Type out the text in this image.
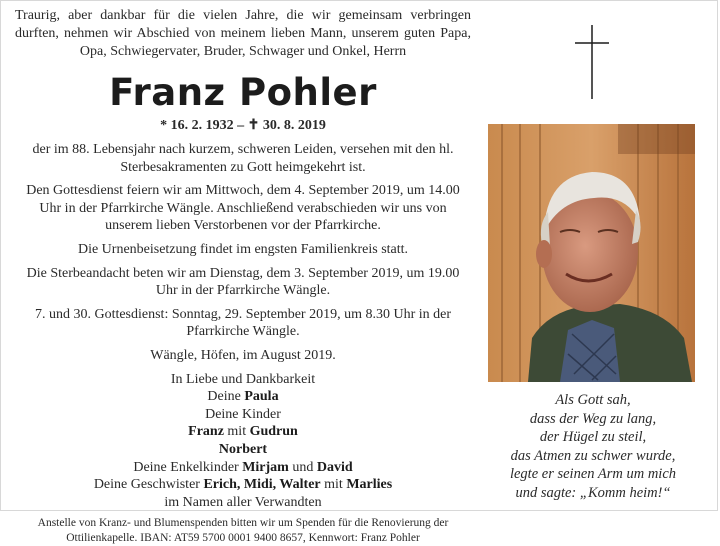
Traurig, aber dankbar für die vielen Jahre, die wir gemeinsam verbringen durften, nehmen wir Abschied von meinem lieben Mann, unserem guten Papa, Opa, Schwiegervater, Bruder, Schwager und Onkel, Herrn

Franz Pohler
* 16. 2. 1932 – ✝ 30. 8. 2019

der im 88. Lebensjahr nach kurzem, schweren Leiden, versehen mit den hl. Sterbesakramenten zu Gott heimgekehrt ist.

Den Gottesdienst feiern wir am Mittwoch, dem 4. September 2019, um 14.00 Uhr in der Pfarrkirche Wängle. Anschließend verabschieden wir uns von unserem lieben Verstorbenen vor der Pfarrkirche.

Die Urnenbeisetzung findet im engsten Familienkreis statt.

Die Sterbeandacht beten wir am Dienstag, dem 3. September 2019, um 19.00 Uhr in der Pfarrkirche Wängle.

7. und 30. Gottesdienst: Sonntag, 29. September 2019, um 8.30 Uhr in der Pfarrkirche Wängle.

Wängle, Höfen, im August 2019.

In Liebe und Dankbarkeit

Deine Paula

Deine Kinder

Franz mit Gudrun

Norbert

Deine Enkelkinder Mirjam und David

Deine Geschwister Erich, Midi, Walter mit Marlies

im Namen aller Verwandten

Anstelle von Kranz- und Blumenspenden bitten wir um Spenden für die Renovierung der Ottilienkapelle. IBAN: AT59 5700 0001 9400 8657, Kennwort: Franz Pohler

Als Gott sah,
dass der Weg zu lang,
der Hügel zu steil,
das Atmen zu schwer wurde,
legte er seinen Arm um mich
und sagte: „Komm heim!“
